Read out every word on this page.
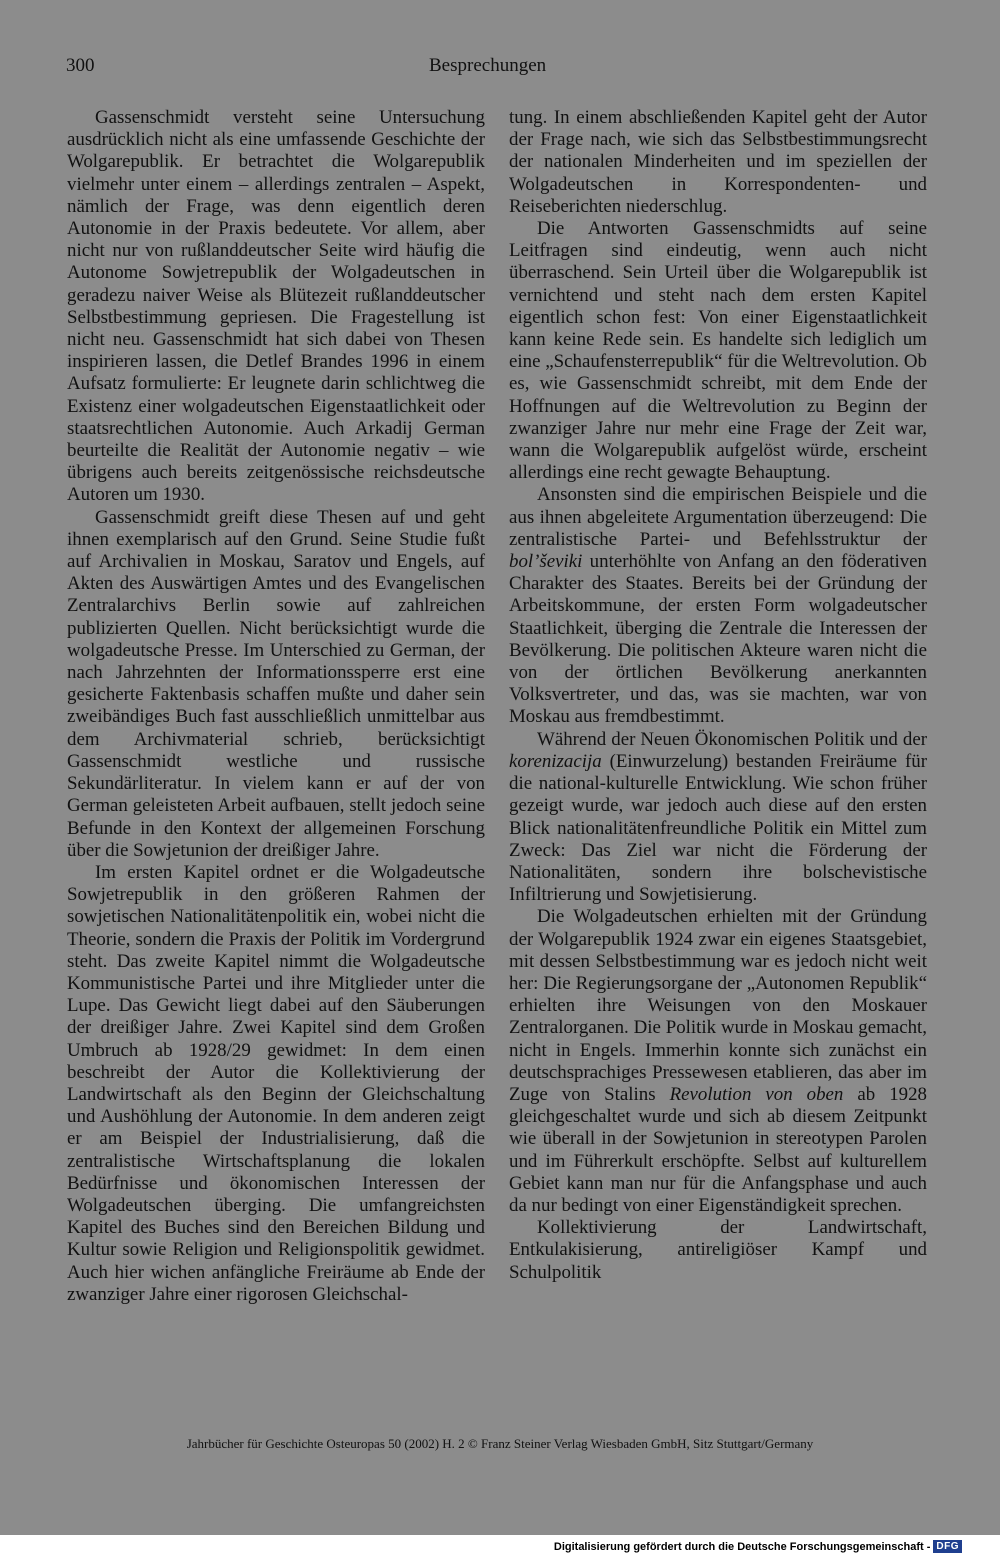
300	Besprechungen

Gassenschmidt versteht seine Untersuchung ausdrücklich nicht als eine umfassende Geschichte der Wolgarepublik. Er betrachtet die Wolgarepublik vielmehr unter einem – allerdings zentralen – Aspekt, nämlich der Frage, was denn eigentlich deren Autonomie in der Praxis bedeutete. Vor allem, aber nicht nur von rußlanddeutscher Seite wird häufig die Autonome Sowjetrepublik der Wolgadeutschen in geradezu naiver Weise als Blütezeit rußlanddeutscher Selbstbestimmung gepriesen. Die Fragestellung ist nicht neu. Gassenschmidt hat sich dabei von Thesen inspirieren lassen, die Detlef Brandes 1996 in einem Aufsatz formulierte: Er leugnete darin schlichtweg die Existenz einer wolgadeutschen Eigenstaatlichkeit oder staatsrechtlichen Autonomie. Auch Arkadij German beurteilte die Realität der Autonomie negativ – wie übrigens auch bereits zeitgenössische reichsdeutsche Autoren um 1930.

Gassenschmidt greift diese Thesen auf und geht ihnen exemplarisch auf den Grund. Seine Studie fußt auf Archivalien in Moskau, Saratov und Engels, auf Akten des Auswärtigen Amtes und des Evangelischen Zentralarchivs Berlin sowie auf zahlreichen publizierten Quellen. Nicht berücksichtigt wurde die wolgadeutsche Presse. Im Unterschied zu German, der nach Jahrzehnten der Informationssperre erst eine gesicherte Faktenbasis schaffen mußte und daher sein zweibändiges Buch fast ausschließlich unmittelbar aus dem Archivmaterial schrieb, berücksichtigt Gassenschmidt westliche und russische Sekundärliteratur. In vielem kann er auf der von German geleisteten Arbeit aufbauen, stellt jedoch seine Befunde in den Kontext der allgemeinen Forschung über die Sowjetunion der dreißiger Jahre.

Im ersten Kapitel ordnet er die Wolgadeutsche Sowjetrepublik in den größeren Rahmen der sowjetischen Nationalitätenpolitik ein, wobei nicht die Theorie, sondern die Praxis der Politik im Vordergrund steht. Das zweite Kapitel nimmt die Wolgadeutsche Kommunistische Partei und ihre Mitglieder unter die Lupe. Das Gewicht liegt dabei auf den Säuberungen der dreißiger Jahre. Zwei Kapitel sind dem Großen Umbruch ab 1928/29 gewidmet: In dem einen beschreibt der Autor die Kollektivierung der Landwirtschaft als den Beginn der Gleichschaltung und Aushöhlung der Autonomie. In dem anderen zeigt er am Beispiel der Industrialisierung, daß die zentralistische Wirtschaftsplanung die lokalen Bedürfnisse und ökonomischen Interessen der Wolgadeutschen überging. Die umfangreichsten Kapitel des Buches sind den Bereichen Bildung und Kultur sowie Religion und Religionspolitik gewidmet. Auch hier wichen anfängliche Freiräume ab Ende der zwanziger Jahre einer rigorosen Gleichschal-

tung. In einem abschließenden Kapitel geht der Autor der Frage nach, wie sich das Selbstbestimmungsrecht der nationalen Minderheiten und im speziellen der Wolgadeutschen in Korrespondenten- und Reiseberichten niederschlug.

Die Antworten Gassenschmidts auf seine Leitfragen sind eindeutig, wenn auch nicht überraschend. Sein Urteil über die Wolgarepublik ist vernichtend und steht nach dem ersten Kapitel eigentlich schon fest: Von einer Eigenstaatlichkeit kann keine Rede sein. Es handelte sich lediglich um eine „Schaufensterrepublik“ für die Weltrevolution. Ob es, wie Gassenschmidt schreibt, mit dem Ende der Hoffnungen auf die Weltrevolution zu Beginn der zwanziger Jahre nur mehr eine Frage der Zeit war, wann die Wolgarepublik aufgelöst würde, erscheint allerdings eine recht gewagte Behauptung.

Ansonsten sind die empirischen Beispiele und die aus ihnen abgeleitete Argumentation überzeugend: Die zentralistische Partei- und Befehlsstruktur der bol’ševiki unterhöhlte von Anfang an den föderativen Charakter des Staates. Bereits bei der Gründung der Arbeitskommune, der ersten Form wolgadeutscher Staatlichkeit, überging die Zentrale die Interessen der Bevölkerung. Die politischen Akteure waren nicht die von der örtlichen Bevölkerung anerkannten Volksvertreter, und das, was sie machten, war von Moskau aus fremdbestimmt.

Während der Neuen Ökonomischen Politik und der korenizacija (Einwurzelung) bestanden Freiräume für die national-kulturelle Entwicklung. Wie schon früher gezeigt wurde, war jedoch auch diese auf den ersten Blick nationalitätenfreundliche Politik ein Mittel zum Zweck: Das Ziel war nicht die Förderung der Nationalitäten, sondern ihre bolschevistische Infiltrierung und Sowjetisierung.

Die Wolgadeutschen erhielten mit der Gründung der Wolgarepublik 1924 zwar ein eigenes Staatsgebiet, mit dessen Selbstbestimmung war es jedoch nicht weit her: Die Regierungsorgane der „Autonomen Republik“ erhielten ihre Weisungen von den Moskauer Zentralorganen. Die Politik wurde in Moskau gemacht, nicht in Engels. Immerhin konnte sich zunächst ein deutschsprachiges Pressewesen etablieren, das aber im Zuge von Stalins Revolution von oben ab 1928 gleichgeschaltet wurde und sich ab diesem Zeitpunkt wie überall in der Sowjetunion in stereotypen Parolen und im Führerkult erschöpfte. Selbst auf kulturellem Gebiet kann man nur für die Anfangsphase und auch da nur bedingt von einer Eigenständigkeit sprechen.

Kollektivierung der Landwirtschaft, Entkulakisierung, antireligiöser Kampf und Schulpolitik

Jahrbücher für Geschichte Osteuropas 50 (2002) H. 2 © Franz Steiner Verlag Wiesbaden GmbH, Sitz Stuttgart/Germany
Digitalisierung gefördert durch die Deutsche Forschungsgemeinschaft - DFG
